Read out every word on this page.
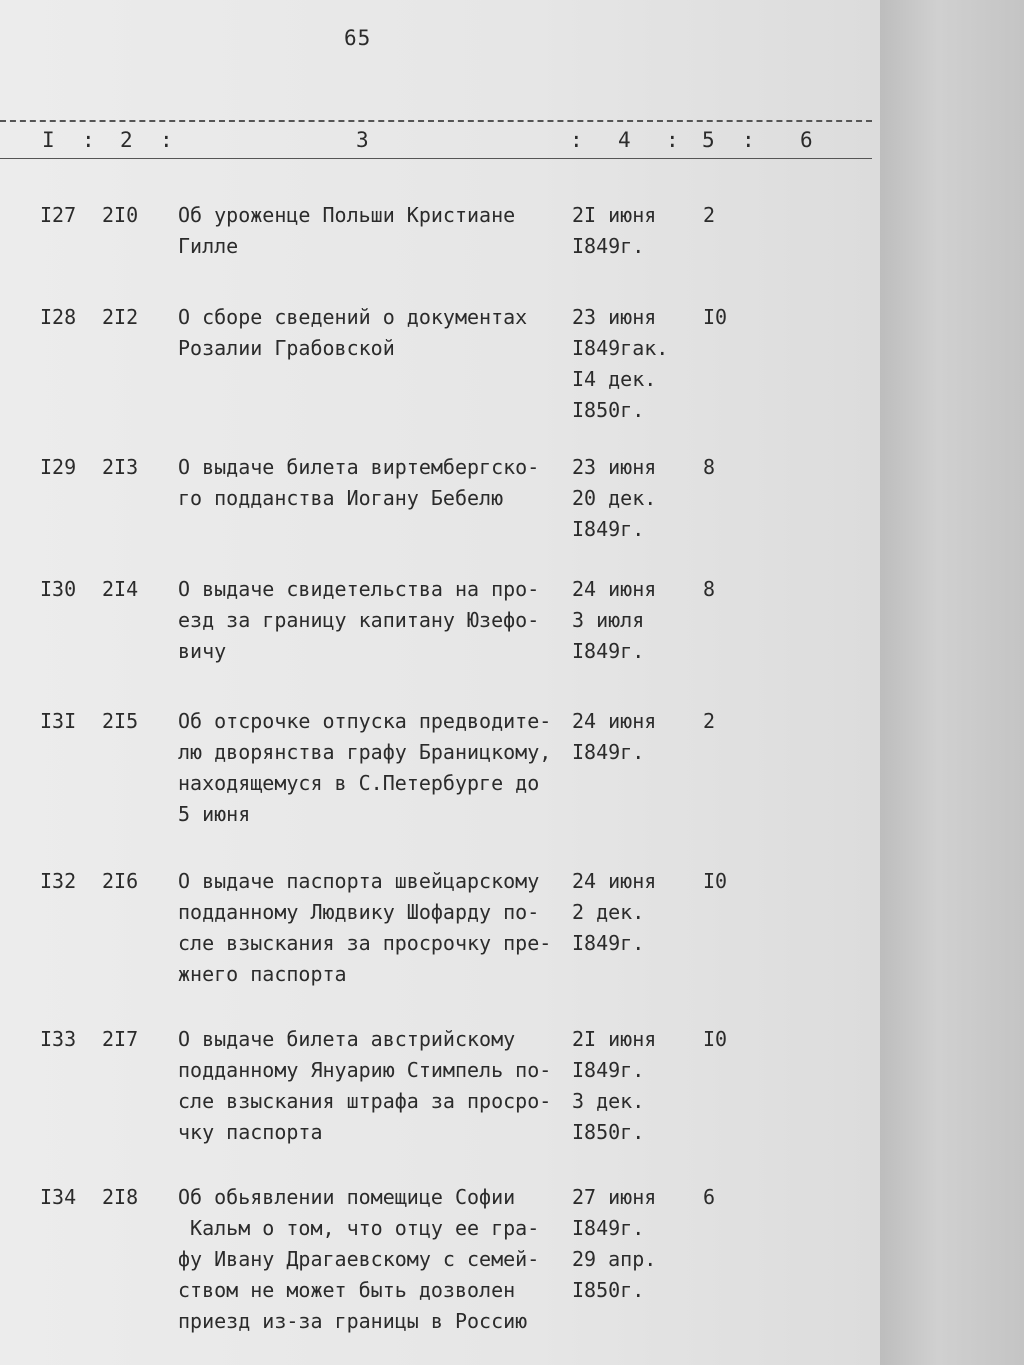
65
I : 2 :	3	: 4 : 5 : 6
I27 2I0 Об уроженце Польши Кристиане
Гилле
2I июня
I849г.
2
I28 2I2 О сборе сведений о документах
Розалии Грабовской
23 июня
I849гак.
I4 дек.
I850г.
I0
I29 2I3 О выдаче билета виртембергско-
го подданства Иогану Бебелю
23 июня
20 дек.
I849г.
8
I30 2I4 О выдаче свидетельства на про-
езд за границу капитану Юзефо-
вичу
24 июня
3 июля
I849г.
8
I3I 2I5 Об отсрочке отпуска предводите-
лю дворянства графу Браницкому,
находящемуся в С.Петербурге до
5 июня
24 июня
I849г.
2
I32 2I6 О выдаче паспорта швейцарскому
подданному Людвику Шофарду по-
сле взыскания за просрочку пре-
жнего паспорта
24 июня
2 дек.
I849г.
I0
I33 2I7 О выдаче билета австрийскому
подданному Януарию Стимпель по-
сле взыскания штрафа за просро-
чку паспорта
2I июня
I849г.
3 дек.
I850г.
I0
I34 2I8 Об обьявлении помещице Софии
Кальм о том, что отцу ее гра-
фу Ивану Драгаевскому с семей-
ством не может быть дозволен
приезд из-за границы в Россию
27 июня
I849г.
29 апр.
I850г.
6
